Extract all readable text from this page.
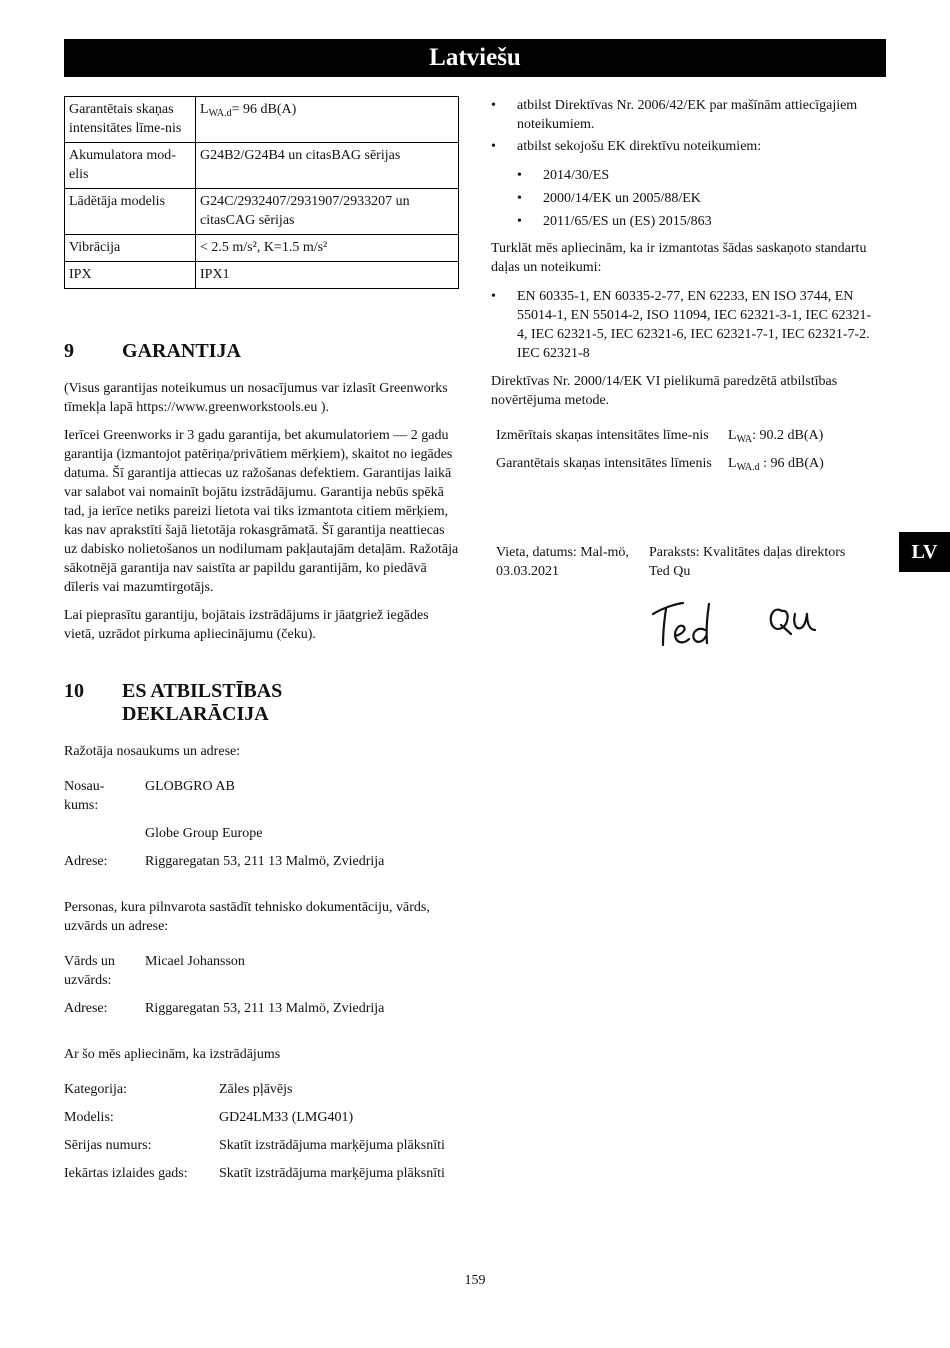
Latviešu
LV
Garantētais skaņas intensitātes līme-nis	$L_{WA.d}= 96$ dB(A)
Akumulatora mod-elis	G24B2/G24B4 un citasBAG sērijas
Lādētāja modelis	G24C/2932407/2931907/2933207 un citasCAG sērijas
Vibrācija	< 2.5 m/s², K=1.5 m/s²
IPX	IPX1
9 GARANTIJA

(Visus garantijas noteikumus un nosacījumus var izlasīt Greenworks tīmekļa lapā https://www.greenworkstools.eu ).

Ierīcei Greenworks ir 3 gadu garantija, bet akumulatoriem — 2 gadu garantija (izmantojot patēriņa/privātiem mērķiem), skaitot no iegādes datuma. Šī garantija attiecas uz ražošanas defektiem. Garantijas laikā var salabot vai nomainīt bojātu izstrādājumu. Garantija nebūs spēkā tad, ja ierīce netiks pareizi lietota vai tiks izmantota citiem mērķiem, kas nav aprakstīti šajā lietotāja rokasgrāmatā. Šī garantija neattiecas uz dabisko nolietošanos un nodilumam pakļautajām detaļām. Ražotāja sākotnējā garantija nav saistīta ar papildu garantijām, ko piedāvā dīleris vai mazumtirgotājs.

Lai pieprasītu garantiju, bojātais izstrādājums ir jāatgriež iegādes vietā, uzrādot pirkuma apliecinājumu (čeku).

10 ES ATBILSTĪBAS
DEKLARĀCIJA
Ražotāja nosaukums un adrese:
Nosau-kums:	GLOBGRO AB
	Globe Group Europe
Adrese:	Riggaregatan 53, 211 13 Malmö, Zviedrija
Personas, kura pilnvarota sastādīt tehnisko dokumentāciju, vārds, uzvārds un adrese:
Vārds un uzvārds:	Micael Johansson
Adrese:	Riggaregatan 53, 211 13 Malmö, Zviedrija
Ar šo mēs apliecinām, ka izstrādājums
Kategorija:	Zāles pļāvējs
Modelis:	GD24LM33 (LMG401)
Sērijas numurs:	Skatīt izstrādājuma marķējuma plāksnīti
Iekārtas izlaides gads:	Skatīt izstrādājuma marķējuma plāksnīti
• atbilst Direktīvas Nr. 2006/42/EK par mašīnām attiecīgajiem noteikumiem.
• atbilst sekojošu EK direktīvu noteikumiem:
• 2014/30/ES
• 2000/14/EK un 2005/88/EK
• 2011/65/ES un (ES) 2015/863
Turklāt mēs apliecinām, ka ir izmantotas šādas saskaņoto standartu daļas un noteikumi:
• EN 60335-1, EN 60335-2-77, EN 62233, EN ISO 3744, EN 55014-1, EN 55014-2, ISO 11094, IEC 62321-3-1, IEC 62321-4, IEC 62321-5, IEC 62321-6, IEC 62321-7-1, IEC 62321-7-2. IEC 62321-8
Direktīvas Nr. 2000/14/EK VI pielikumā paredzētā atbilstības novērtējuma metode.
Izmērītais skaņas intensitātes līme-nis	$L_{WA}$: 90.2 dB(A)
Garantētais skaņas intensitātes līmenis	$L_{WA.d}$ : 96 dB(A)
Vieta, datums: Mal-mö, 03.03.2021
Paraksts: Kvalitātes daļas direktors
Ted Qu
159
